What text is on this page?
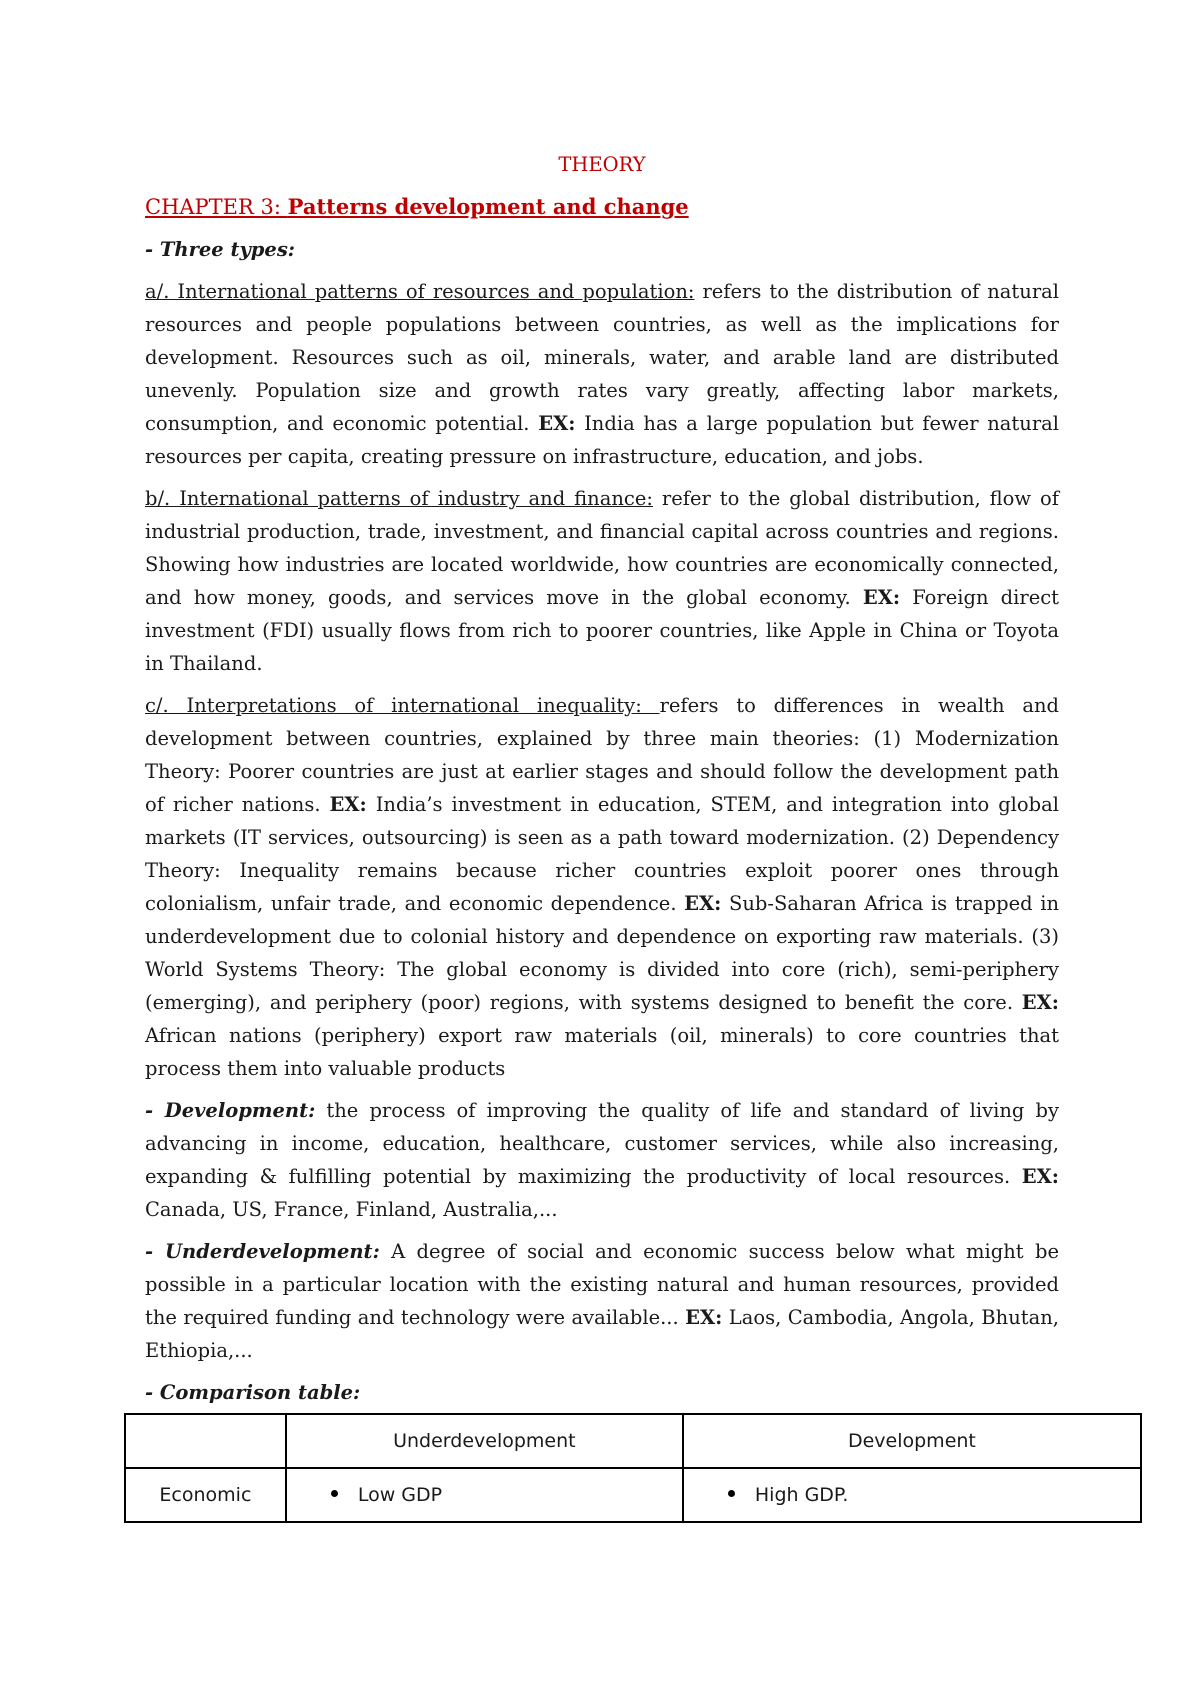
THEORY
CHAPTER 3: Patterns development and change

- Three types:

a/. International patterns of resources and population: refers to the distribution of natural resources and people populations between countries, as well as the implications for development. Resources such as oil, minerals, water, and arable land are distributed unevenly. Population size and growth rates vary greatly, affecting labor markets, consumption, and economic potential. EX: India has a large population but fewer natural resources per capita, creating pressure on infrastructure, education, and jobs.

b/. International patterns of industry and finance: refer to the global distribution, flow of industrial production, trade, investment, and financial capital across countries and regions. Showing how industries are located worldwide, how countries are economically connected, and how money, goods, and services move in the global economy. EX: Foreign direct investment (FDI) usually flows from rich to poorer countries, like Apple in China or Toyota in Thailand.

c/. Interpretations of international inequality: refers to differences in wealth and development between countries, explained by three main theories: (1) Modernization Theory: Poorer countries are just at earlier stages and should follow the development path of richer nations. EX: India’s investment in education, STEM, and integration into global markets (IT services, outsourcing) is seen as a path toward modernization. (2) Dependency Theory: Inequality remains because richer countries exploit poorer ones through colonialism, unfair trade, and economic dependence. EX: Sub-Saharan Africa is trapped in underdevelopment due to colonial history and dependence on exporting raw materials. (3) World Systems Theory: The global economy is divided into core (rich), semi-periphery (emerging), and periphery (poor) regions, with systems designed to benefit the core. EX: African nations (periphery) export raw materials (oil, minerals) to core countries that process them into valuable products

- Development: the process of improving the quality of life and standard of living by advancing in income, education, healthcare, customer services, while also increasing, expanding & fulfilling potential by maximizing the productivity of local resources. EX: Canada, US, France, Finland, Australia,...

- Underdevelopment: A degree of social and economic success below what might be possible in a particular location with the existing natural and human resources, provided the required funding and technology were available... EX: Laos, Cambodia, Angola, Bhutan, Ethiopia,...

- Comparison table:

	Underdevelopment	Development
Economic	Low GDP	High GDP.
